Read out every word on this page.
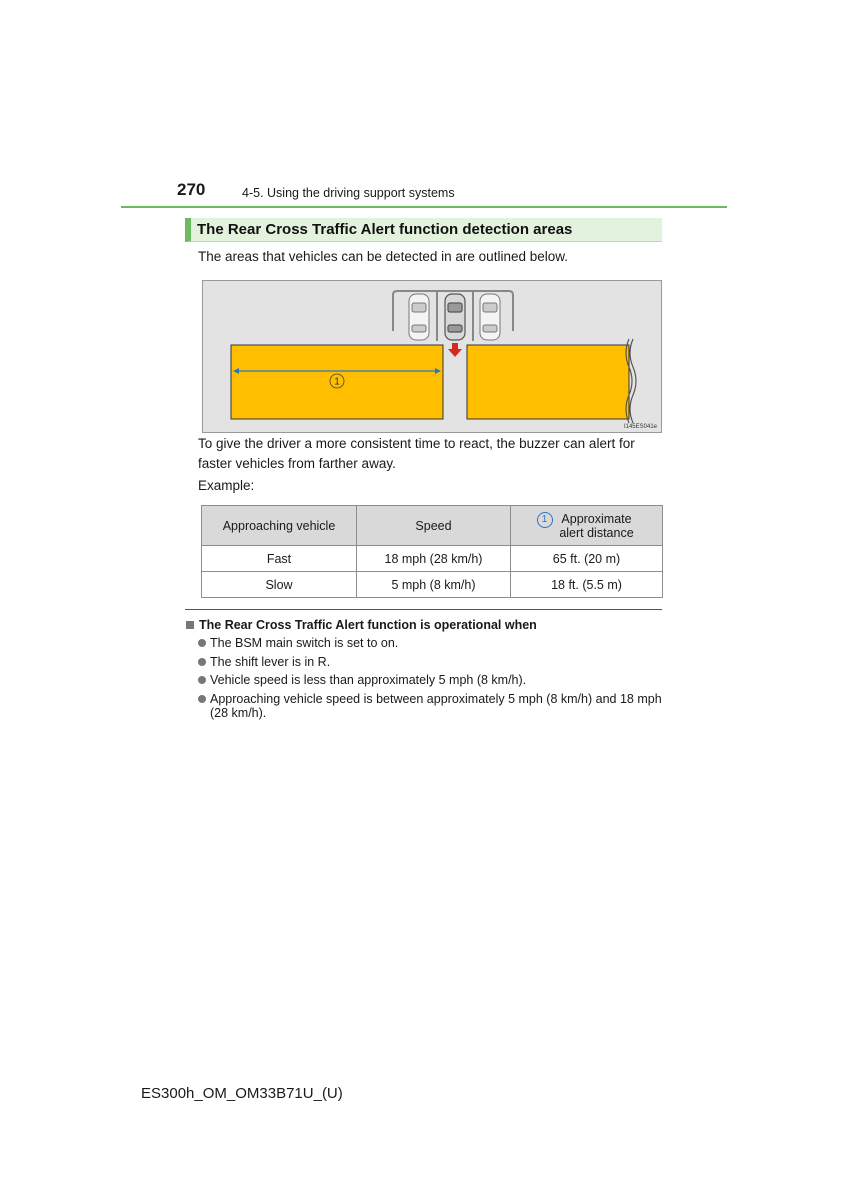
270	4-5. Using the driving support systems
The Rear Cross Traffic Alert function detection areas
The areas that vehicles can be detected in are outlined below.
1
I145ES041e
To give the driver a more consistent time to react, the buzzer can alert for faster vehicles from farther away.
Example:
Approaching vehicle	Speed	1 Approximate alert distance
Fast	18 mph (28 km/h)	65 ft. (20 m)
Slow	5 mph (8 km/h)	18 ft. (5.5 m)
The Rear Cross Traffic Alert function is operational when
The BSM main switch is set to on.
The shift lever is in R.
Vehicle speed is less than approximately 5 mph (8 km/h).
Approaching vehicle speed is between approximately 5 mph (8 km/h) and 18 mph (28 km/h).
ES300h_OM_OM33B71U_(U)
